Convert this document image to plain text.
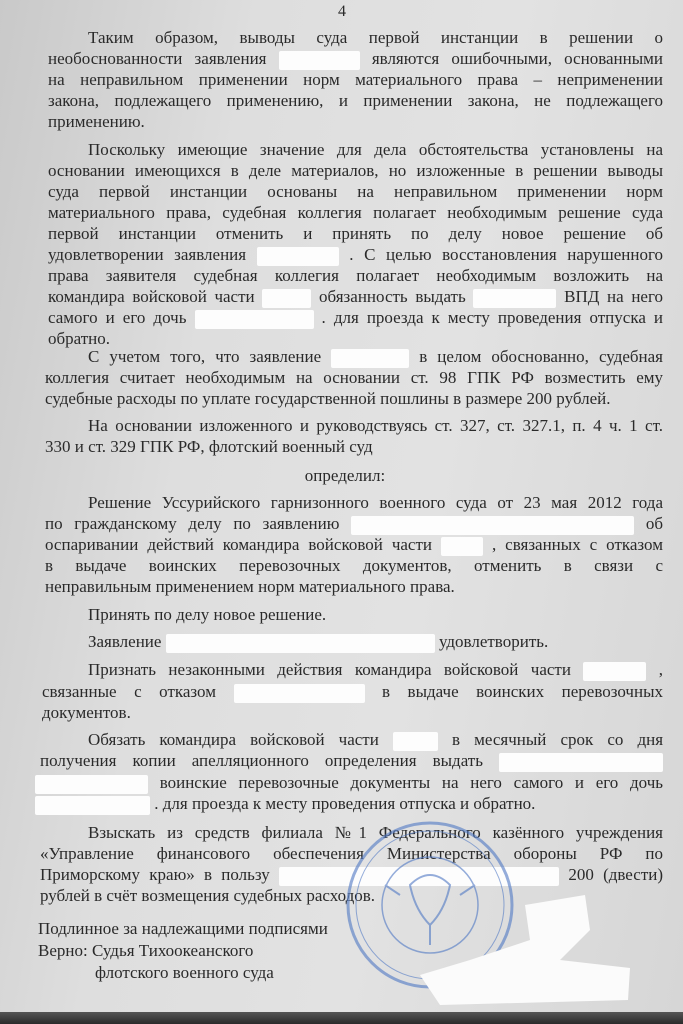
4
Таким образом, выводы суда первой инстанции в решении о
необоснованности заявления	являются ошибочными, основанными
на неправильном применении норм материального права – неприменении
закона, подлежащего применению, и применении закона, не подлежащего
применению.
Поскольку имеющие значение для дела обстоятельства установлены на
основании имеющихся в деле материалов, но изложенные в решении выводы
суда первой инстанции основаны на неправильном применении норм
материального права, судебная коллегия полагает необходимым решение суда
первой инстанции отменить и принять по делу новое решение об
удовлетворении заявления	. С целью восстановления нарушенного
права заявителя судебная коллегия полагает необходимым возложить на
командира войсковой части	обязанность выдать	ВПД на него
самого и его дочь	. для проезда к месту проведения отпуска и
обратно.
С учетом того, что заявление	в целом обоснованно, судебная
коллегия считает необходимым на основании ст. 98 ГПК РФ возместить ему
судебные расходы по уплате государственной пошлины в размере 200 рублей.
На основании изложенного и руководствуясь ст. 327, ст. 327.1, п. 4 ч. 1 ст.
330 и ст. 329 ГПК РФ, флотский военный суд
определил:
Решение Уссурийского гарнизонного военного суда от 23 мая 2012 года
по гражданскому делу по заявлению	об
оспаривании действий командира войсковой части	, связанных с отказом
в выдаче воинских перевозочных документов, отменить в связи с
неправильным применением норм материального права.
Принять по делу новое решение.
Заявление	удовлетворить.
Признать незаконными действия командира войсковой части	,
связанные с отказом	в выдаче воинских перевозочных
документов.
Обязать командира войсковой части	в месячный срок со дня
получения копии апелляционного определения выдать
воинские перевозочные документы на него самого и его дочь
. для проезда к месту проведения отпуска и обратно.
Взыскать из средств филиала №1 Федерального казённого учреждения
«Управление финансового обеспечения Министерства обороны РФ по
Приморскому краю» в пользу	200 (двести)
рублей в счёт возмещения судебных расходов.
Подлинное за надлежащими подписями
Верно: Судья Тихоокеанского
флотского военного суда
